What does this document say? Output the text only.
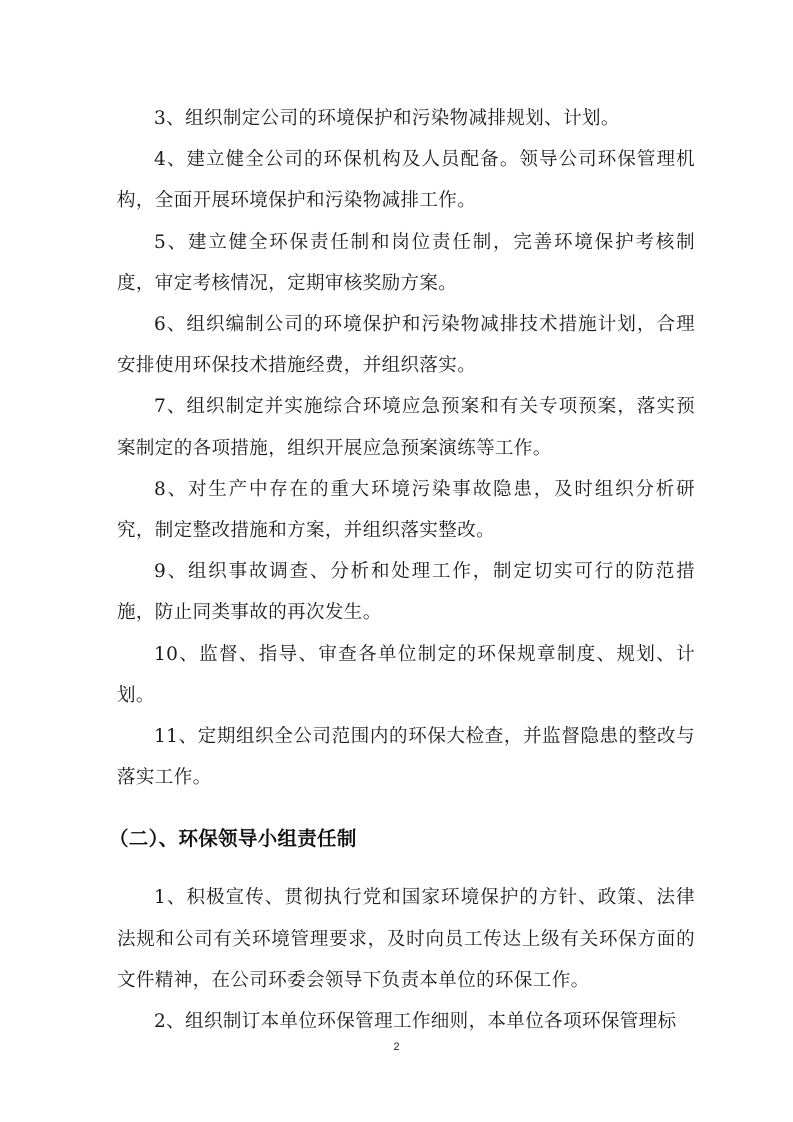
3、组织制定公司的环境保护和污染物减排规划、计划。

4、建立健全公司的环保机构及人员配备。领导公司环保管理机构，全面开展环境保护和污染物减排工作。

5、建立健全环保责任制和岗位责任制，完善环境保护考核制度，审定考核情况，定期审核奖励方案。

6、组织编制公司的环境保护和污染物减排技术措施计划，合理安排使用环保技术措施经费，并组织落实。

7、组织制定并实施综合环境应急预案和有关专项预案，落实预案制定的各项措施，组织开展应急预案演练等工作。

8、对生产中存在的重大环境污染事故隐患，及时组织分析研究，制定整改措施和方案，并组织落实整改。

9、组织事故调查、分析和处理工作，制定切实可行的防范措施，防止同类事故的再次发生。

10、监督、指导、审查各单位制定的环保规章制度、规划、计划。

11、定期组织全公司范围内的环保大检查，并监督隐患的整改与落实工作。

（二）、环保领导小组责任制

1、积极宣传、贯彻执行党和国家环境保护的方针、政策、法律法规和公司有关环境管理要求，及时向员工传达上级有关环保方面的文件精神，在公司环委会领导下负责本单位的环保工作。

2、组织制订本单位环保管理工作细则，本单位各项环保管理标

2
